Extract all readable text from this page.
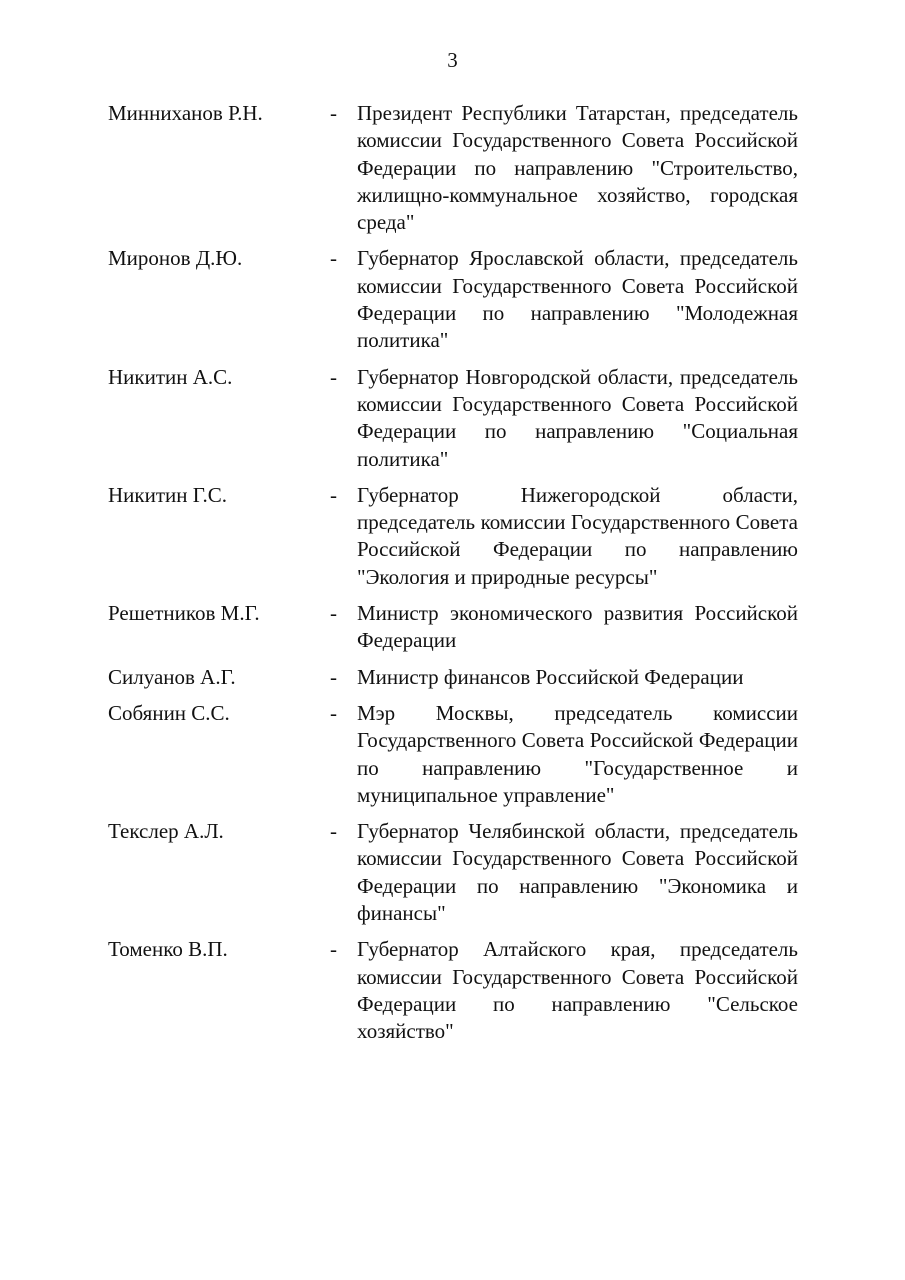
3
Минниханов Р.Н.	- Президент Республики Татарстан, председатель комиссии Государственного Совета Российской Федерации по направлению "Строительство, жилищно-коммунальное хозяйство, городская среда"
Миронов Д.Ю.	- Губернатор Ярославской области, председатель комиссии Государственного Совета Российской Федерации по направлению "Молодежная политика"
Никитин А.С.	- Губернатор Новгородской области, председатель комиссии Государственного Совета Российской Федерации по направлению "Социальная политика"
Никитин Г.С.	- Губернатор Нижегородской области, председатель комиссии Государственного Совета Российской Федерации по направлению "Экология и природные ресурсы"
Решетников М.Г.	- Министр экономического развития Российской Федерации
Силуанов А.Г.	- Министр финансов Российской Федерации
Собянин С.С.	- Мэр Москвы, председатель комиссии Государственного Совета Российской Федерации по направлению "Государственное и муниципальное управление"
Текслер А.Л.	- Губернатор Челябинской области, председатель комиссии Государственного Совета Российской Федерации по направлению "Экономика и финансы"
Томенко В.П.	- Губернатор Алтайского края, председатель комиссии Государственного Совета Российской Федерации по направлению "Сельское хозяйство"
